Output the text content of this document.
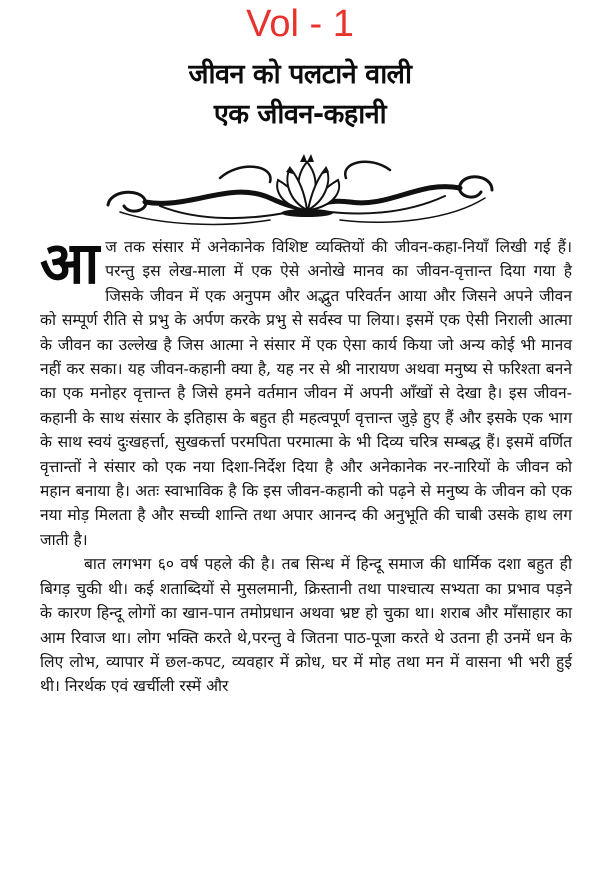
Vol - 1
जीवन को पलटाने वाली
एक जीवन-कहानी

आज तक संसार में अनेकानेक विशिष्ट व्यक्तियों की जीवन-कहा-नियाँ लिखी गई हैं। परन्तु इस लेख-माला में एक ऐसे अनोखे मानव का जीवन-वृत्तान्त दिया गया है जिसके जीवन में एक अनुपम और अद्भुत परिवर्तन आया और जिसने अपने जीवन को सम्पूर्ण रीति से प्रभु के अर्पण करके प्रभु से सर्वस्व पा लिया। इसमें एक ऐसी निराली आत्मा के जीवन का उल्लेख है जिस आत्मा ने संसार में एक ऐसा कार्य किया जो अन्य कोई भी मानव नहीं कर सका। यह जीवन-कहानी क्या है, यह नर से श्री नारायण अथवा मनुष्य से फरिश्ता बनने का एक मनोहर वृत्तान्त है जिसे हमने वर्तमान जीवन में अपनी आँखों से देखा है। इस जीवन-कहानी के साथ संसार के इतिहास के बहुत ही महत्वपूर्ण वृत्तान्त जुड़े हुए हैं और इसके एक भाग के साथ स्वयं दुःखहर्त्ता, सुखकर्त्ता परमपिता परमात्मा के भी दिव्य चरित्र सम्बद्ध हैं। इसमें वर्णित वृत्तान्तों ने संसार को एक नया दिशा-निर्देश दिया है और अनेकानेक नर-नारियों के जीवन को महान बनाया है। अतः स्वाभाविक है कि इस जीवन-कहानी को पढ़ने से मनुष्य के जीवन को एक नया मोड़ मिलता है और सच्ची शान्ति तथा अपार आनन्द की अनुभूति की चाबी उसके हाथ लग जाती है।

बात लगभग ६० वर्ष पहले की है। तब सिन्ध में हिन्दू समाज की धार्मिक दशा बहुत ही बिगड़ चुकी थी। कई शताब्दियों से मुसलमानी, क्रिस्तानी तथा पाश्चात्य सभ्यता का प्रभाव पड़ने के कारण हिन्दू लोगों का खान-पान तमोप्रधान अथवा भ्रष्ट हो चुका था। शराब और माँसाहार का आम रिवाज था। लोग भक्ति करते थे,परन्तु वे जितना पाठ-पूजा करते थे उतना ही उनमें धन के लिए लोभ, व्यापार में छल-कपट, व्यवहार में क्रोध, घर में मोह तथा मन में वासना भी भरी हुई थी। निरर्थक एवं खर्चीली रस्में और
